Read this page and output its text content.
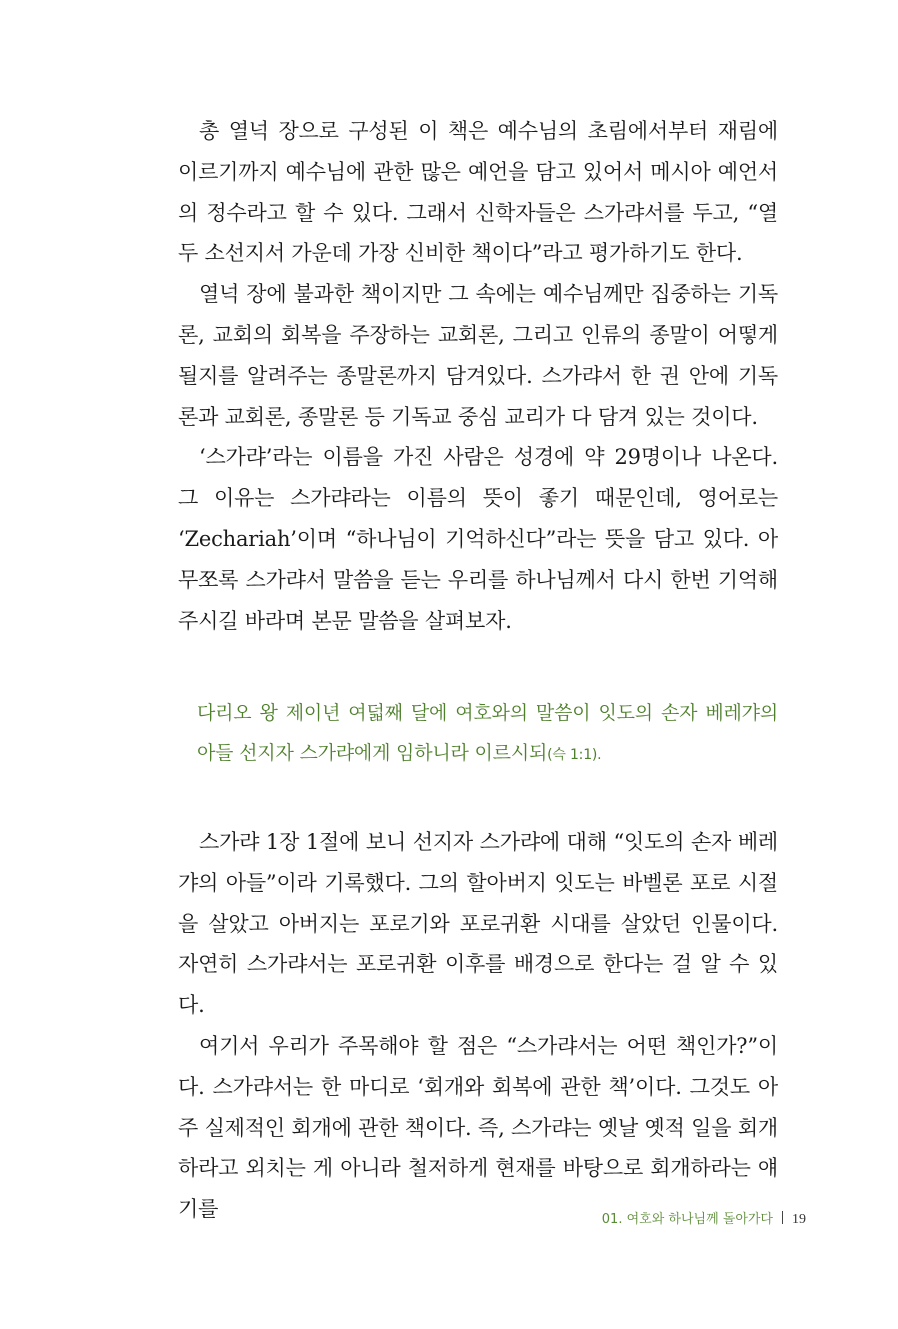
총 열넉 장으로 구성된 이 책은 예수님의 초림에서부터 재림에 이르기까지 예수님에 관한 많은 예언을 담고 있어서 메시아 예언서의 정수라고 할 수 있다. 그래서 신학자들은 스가랴서를 두고, “열두 소선지서 가운데 가장 신비한 책이다”라고 평가하기도 한다.

열넉 장에 불과한 책이지만 그 속에는 예수님께만 집중하는 기독론, 교회의 회복을 주장하는 교회론, 그리고 인류의 종말이 어떻게 될지를 알려주는 종말론까지 담겨있다. 스가랴서 한 권 안에 기독론과 교회론, 종말론 등 기독교 중심 교리가 다 담겨 있는 것이다.

‘스가랴’라는 이름을 가진 사람은 성경에 약 29명이나 나온다. 그 이유는 스가랴라는 이름의 뜻이 좋기 때문인데, 영어로는 ‘Zechariah’이며 “하나님이 기억하신다”라는 뜻을 담고 있다. 아무쪼록 스가랴서 말씀을 듣는 우리를 하나님께서 다시 한번 기억해 주시길 바라며 본문 말씀을 살펴보자.

다리오 왕 제이년 여덟째 달에 여호와의 말씀이 잇도의 손자 베레갸의 아들 선지자 스가랴에게 임하니라 이르시되(슥 1:1).

스가랴 1장 1절에 보니 선지자 스가랴에 대해 “잇도의 손자 베레갸의 아들”이라 기록했다. 그의 할아버지 잇도는 바벨론 포로 시절을 살았고 아버지는 포로기와 포로귀환 시대를 살았던 인물이다. 자연히 스가랴서는 포로귀환 이후를 배경으로 한다는 걸 알 수 있다.

여기서 우리가 주목해야 할 점은 “스가랴서는 어떤 책인가?”이다. 스가랴서는 한 마디로 ‘회개와 회복에 관한 책’이다. 그것도 아주 실제적인 회개에 관한 책이다. 즉, 스가랴는 옛날 옛적 일을 회개하라고 외치는 게 아니라 철저하게 현재를 바탕으로 회개하라는 얘기를	01. 여호와 하나님께 돌아가다 19
